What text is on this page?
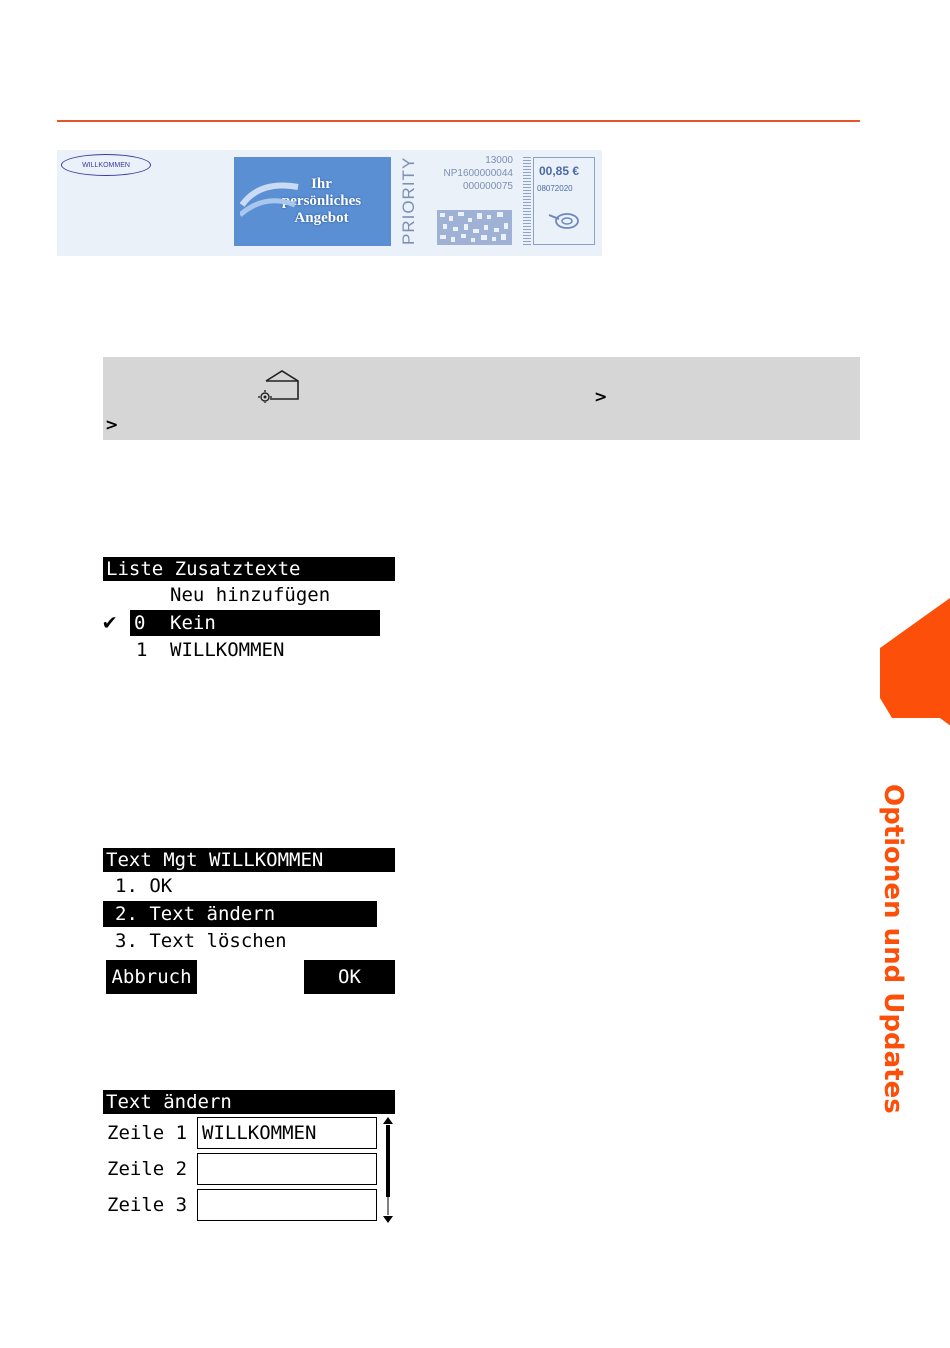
WILLKOMMEN
Ihr
persönliches
Angebot	PRIORITY	13000
NP1600000044
000000075
00,85 €
08072020
>
>
Liste Zusatztexte
Neu hinzufügen
✔ 0 Kein
1 WILLKOMMEN
Text Mgt WILLKOMMEN
1. OK
2. Text ändern
3. Text löschen
Abbruch	OK
Text ändern
Zeile 1 WILLKOMMEN
Zeile 2
Zeile 3
Optionen und Updates
